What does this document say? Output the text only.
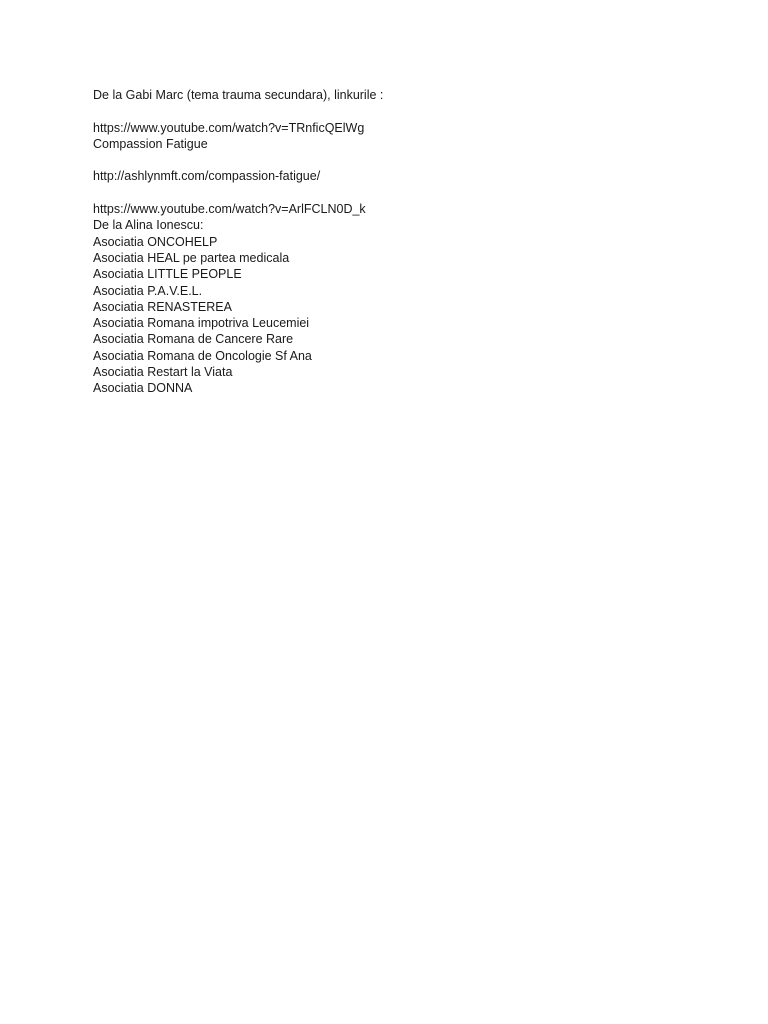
De la Gabi Marc (tema trauma secundara), linkurile :
https://www.youtube.com/watch?v=TRnficQElWg
Compassion Fatigue
http://ashlynmft.com/compassion-fatigue/
https://www.youtube.com/watch?v=ArlFCLN0D_k
De la Alina Ionescu:
Asociatia ONCOHELP
Asociatia HEAL pe partea medicala
Asociatia LITTLE PEOPLE
Asociatia P.A.V.E.L.
Asociatia RENASTEREA
Asociatia Romana impotriva Leucemiei
Asociatia Romana de Cancere Rare
Asociatia Romana de Oncologie Sf Ana
Asociatia Restart la Viata
Asociatia DONNA
